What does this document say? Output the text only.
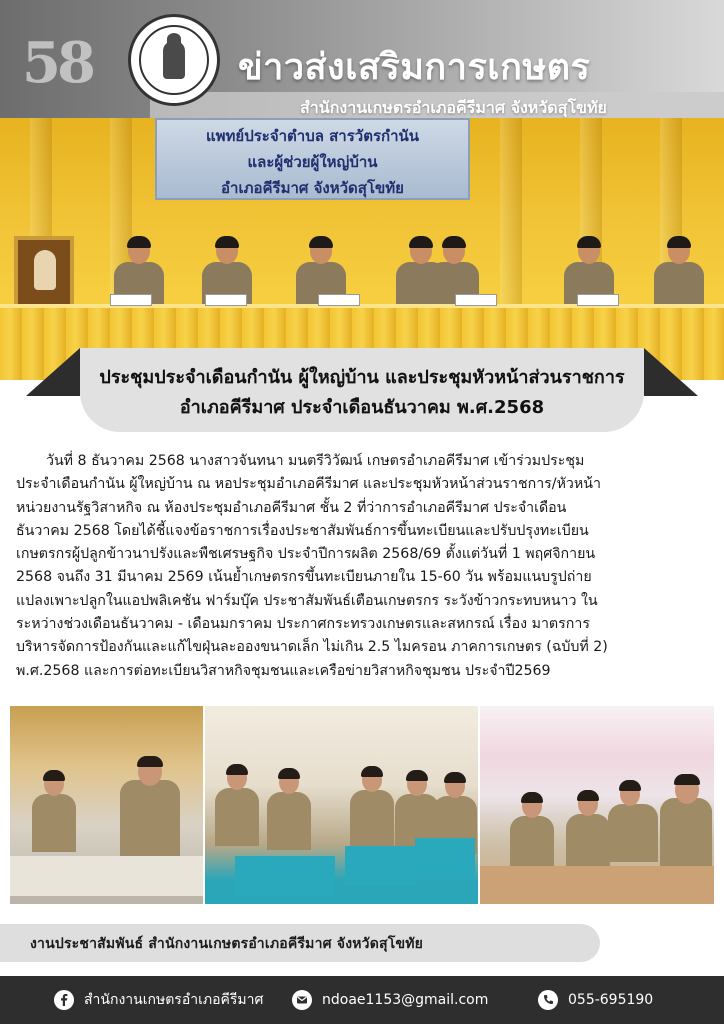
58	ข่าวส่งเสริมการเกษตร
สำนักงานเกษตรอำเภอคีรีมาศ จังหวัดสุโขทัย
แพทย์ประจำตำบล สารวัตรกำนัน
และผู้ช่วยผู้ใหญ่บ้าน
อำเภอคีรีมาศ จังหวัดสุโขทัย
ประชุมประจำเดือนกำนัน ผู้ใหญ่บ้าน และประชุมหัวหน้าส่วนราชการ
อำเภอคีรีมาศ ประจำเดือนธันวาคม พ.ศ.2568
วันที่ 8 ธันวาคม 2568 นางสาวจันทนา มนตรีวิวัฒน์ เกษตรอำเภอคีรีมาศ เข้าร่วมประชุม
ประจำเดือนกำนัน ผู้ใหญ่บ้าน ณ หอประชุมอำเภอคีรีมาศ และประชุมหัวหน้าส่วนราชการ/หัวหน้า
หน่วยงานรัฐวิสาหกิจ ณ ห้องประชุมอำเภอคีรีมาศ ชั้น 2 ที่ว่าการอำเภอคีรีมาศ ประจำเดือน
ธันวาคม 2568 โดยได้ชี้แจงข้อราชการเรื่องประชาสัมพันธ์การขึ้นทะเบียนและปรับปรุงทะเบียน
เกษตรกรผู้ปลูกข้าวนาปรังและพืชเศรษฐกิจ ประจำปีการผลิต 2568/69 ตั้งแต่วันที่ 1 พฤศจิกายน
2568 จนถึง 31 มีนาคม 2569 เน้นย้ำเกษตรกรขึ้นทะเบียนภายใน 15-60 วัน พร้อมแนบรูปถ่าย
แปลงเพาะปลูกในแอปพลิเคชัน ฟาร์มบุ๊ค ประชาสัมพันธ์เตือนเกษตรกร ระวังข้าวกระทบหนาว ใน
ระหว่างช่วงเดือนธันวาคม - เดือนมกราคม ประกาศกระทรวงเกษตรและสหกรณ์ เรื่อง มาตรการ
บริหารจัดการป้องกันและแก้ไขฝุ่นละอองขนาดเล็ก ไม่เกิน 2.5 ไมครอน ภาคการเกษตร (ฉบับที่ 2)
พ.ศ.2568 และการต่อทะเบียนวิสาหกิจชุมชนและเครือข่ายวิสาหกิจชุมชน ประจำปี2569
งานประชาสัมพันธ์ สำนักงานเกษตรอำเภอคีรีมาศ จังหวัดสุโขทัย
สำนักงานเกษตรอำเภอคีรีมาศ	ndoae1153@gmail.com	055-695190
